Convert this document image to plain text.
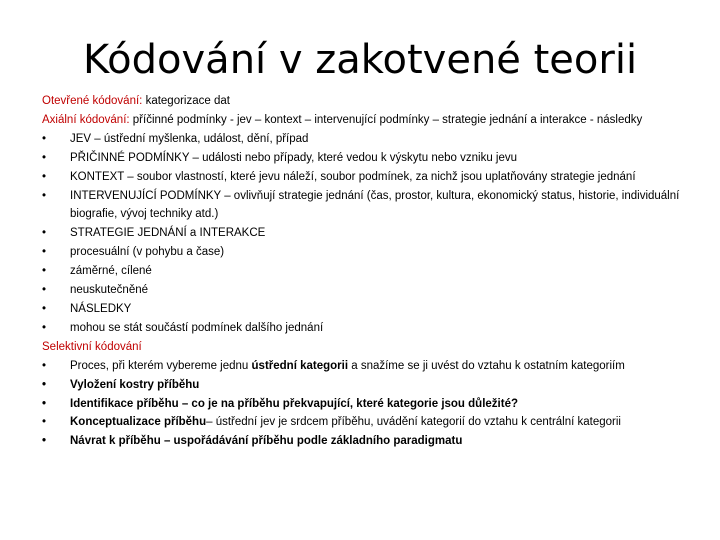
Kódování v zakotvené teorii
Otevřené kódování: kategorizace dat
Axiální kódování: příčinné podmínky - jev – kontext – intervenující podmínky – strategie jednání a interakce - následky
•	JEV – ústřední myšlenka, událost, dění, případ
•	PŘIČINNÉ PODMÍNKY – události nebo případy, které vedou k výskytu nebo vzniku jevu
•	KONTEXT – soubor vlastností, které jevu náleží, soubor podmínek, za nichž jsou uplatňovány strategie jednání
•	INTERVENUJÍCÍ PODMÍNKY – ovlivňují strategie jednání (čas, prostor, kultura, ekonomický status, historie, individuální biografie, vývoj techniky atd.)
•	STRATEGIE JEDNÁNÍ a INTERAKCE
•	procesuální (v pohybu a čase)
•	záměrné, cílené
•	neuskutečněné
•	NÁSLEDKY
•	mohou se stát součástí podmínek dalšího jednání
Selektivní kódování
•	Proces, při kterém vybereme jednu ústřední kategorii a snažíme se ji uvést do vztahu k ostatním kategoriím
•	Vyložení kostry příběhu
•	Identifikace příběhu – co je na příběhu překvapující, které kategorie jsou důležité?
•	Konceptualizace příběhu– ústřední jev je srdcem příběhu, uvádění kategorií do vztahu k centrální kategorii
•	Návrat k příběhu – uspořádávání příběhu podle základního paradigmatu
